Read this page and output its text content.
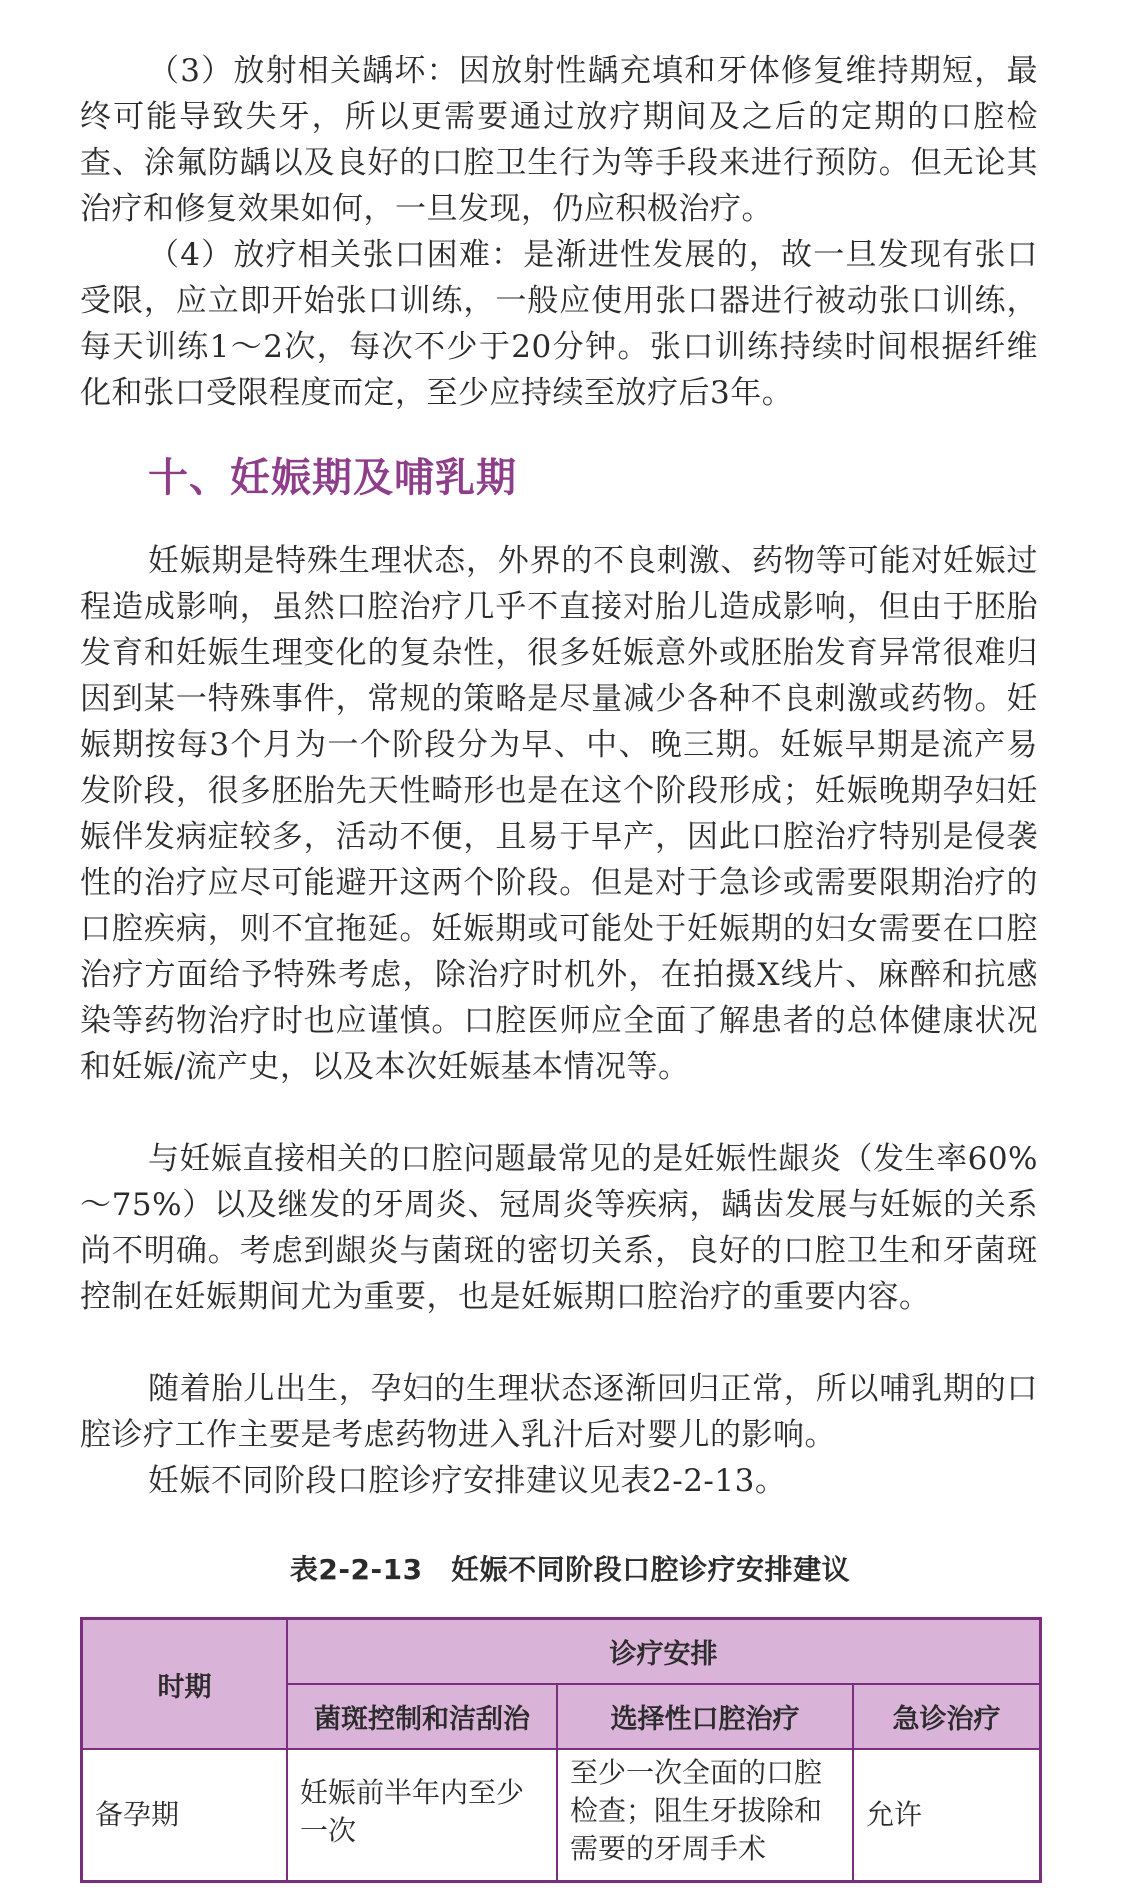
（3）放射相关龋坏：因放射性龋充填和牙体修复维持期短，最终可能导致失牙，所以更需要通过放疗期间及之后的定期的口腔检查、涂氟防龋以及良好的口腔卫生行为等手段来进行预防。但无论其治疗和修复效果如何，一旦发现，仍应积极治疗。

（4）放疗相关张口困难：是渐进性发展的，故一旦发现有张口受限，应立即开始张口训练，一般应使用张口器进行被动张口训练，每天训练1～2次，每次不少于20分钟。张口训练持续时间根据纤维化和张口受限程度而定，至少应持续至放疗后3年。

十、妊娠期及哺乳期

妊娠期是特殊生理状态，外界的不良刺激、药物等可能对妊娠过程造成影响，虽然口腔治疗几乎不直接对胎儿造成影响，但由于胚胎发育和妊娠生理变化的复杂性，很多妊娠意外或胚胎发育异常很难归因到某一特殊事件，常规的策略是尽量减少各种不良刺激或药物。妊娠期按每3个月为一个阶段分为早、中、晚三期。妊娠早期是流产易发阶段，很多胚胎先天性畸形也是在这个阶段形成；妊娠晚期孕妇妊娠伴发病症较多，活动不便，且易于早产，因此口腔治疗特别是侵袭性的治疗应尽可能避开这两个阶段。但是对于急诊或需要限期治疗的口腔疾病，则不宜拖延。妊娠期或可能处于妊娠期的妇女需要在口腔治疗方面给予特殊考虑，除治疗时机外，在拍摄X线片、麻醉和抗感染等药物治疗时也应谨慎。口腔医师应全面了解患者的总体健康状况和妊娠/流产史，以及本次妊娠基本情况等。

与妊娠直接相关的口腔问题最常见的是妊娠性龈炎（发生率60%～75%）以及继发的牙周炎、冠周炎等疾病，龋齿发展与妊娠的关系尚不明确。考虑到龈炎与菌斑的密切关系，良好的口腔卫生和牙菌斑控制在妊娠期间尤为重要，也是妊娠期口腔治疗的重要内容。

随着胎儿出生，孕妇的生理状态逐渐回归正常，所以哺乳期的口腔诊疗工作主要是考虑药物进入乳汁后对婴儿的影响。

妊娠不同阶段口腔诊疗安排建议见表2-2-13。

表2-2-13　妊娠不同阶段口腔诊疗安排建议
时期
诊疗安排
菌斑控制和洁刮治	选择性口腔治疗	急诊治疗
备孕期
妊娠前半年内至少一次
至少一次全面的口腔检查；阻生牙拔除和需要的牙周手术
允许
